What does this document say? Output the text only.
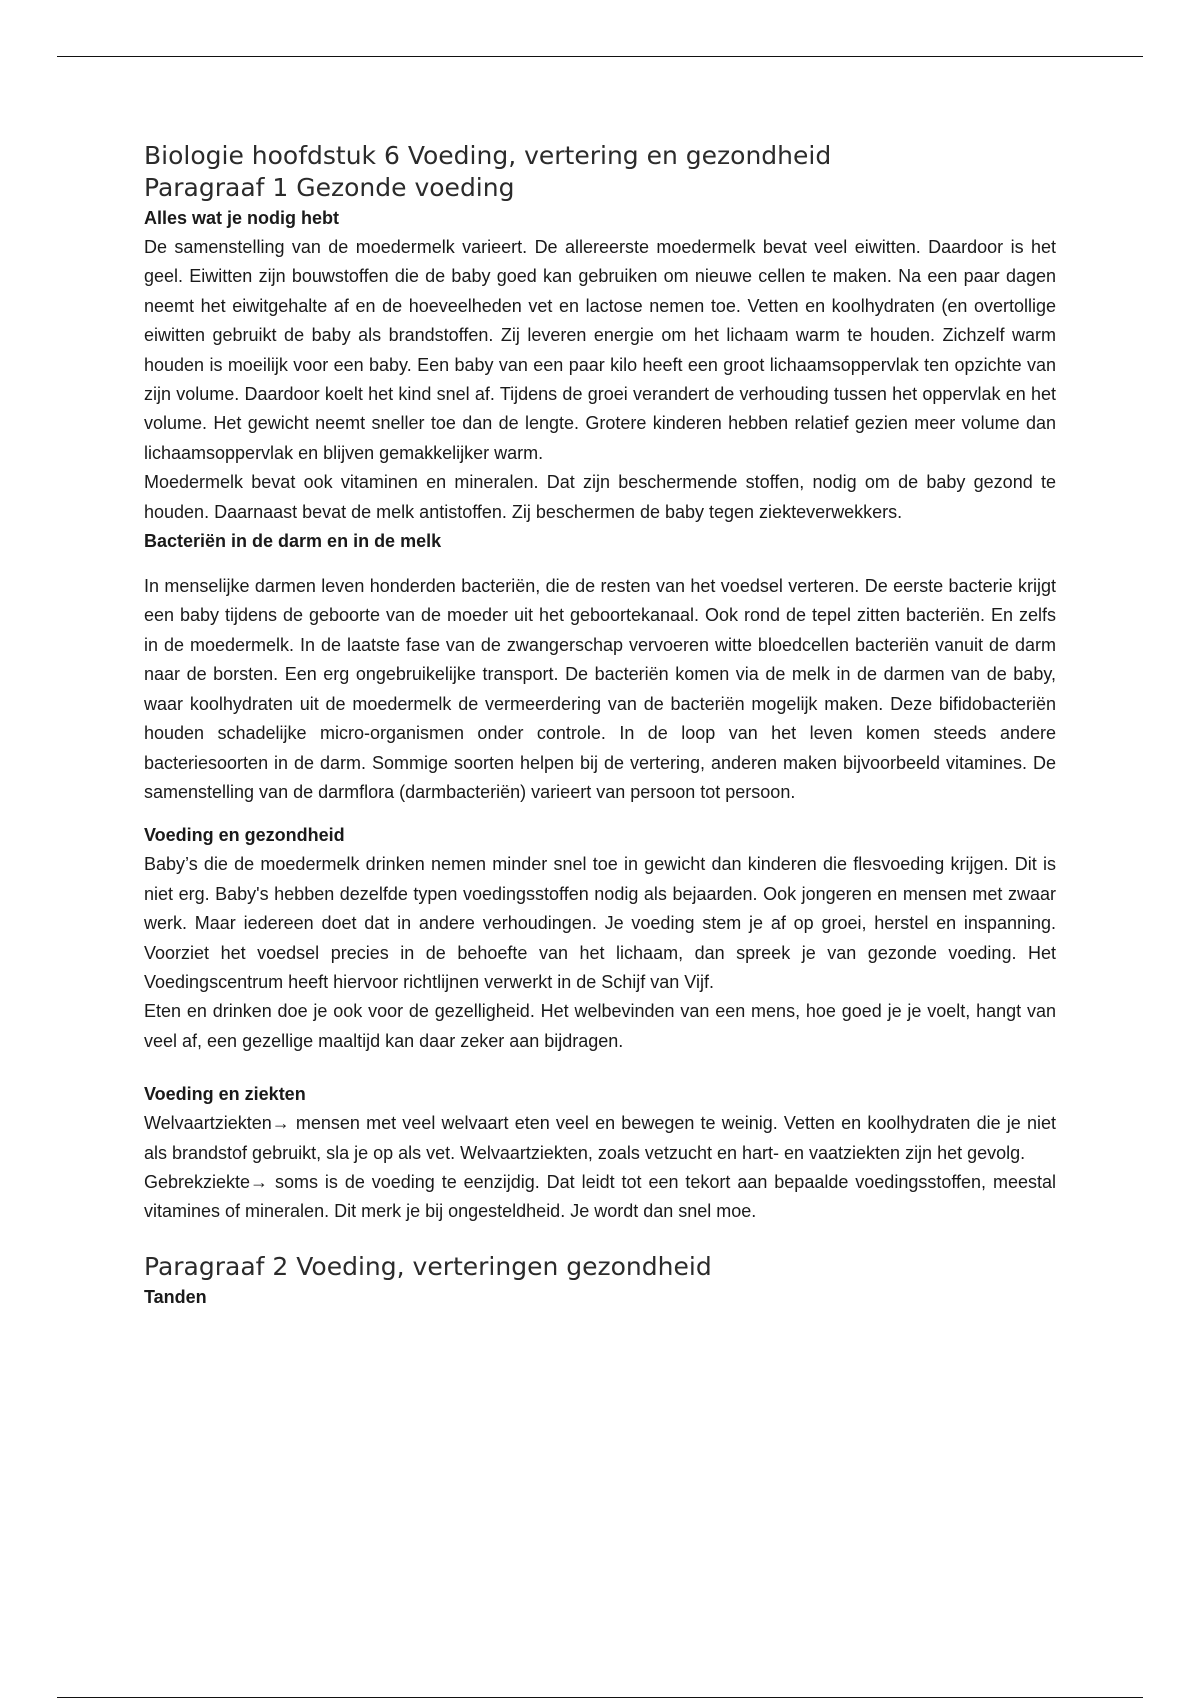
Biologie hoofdstuk 6 Voeding, vertering en gezondheid
Paragraaf 1 Gezonde voeding

Alles wat je nodig hebt

De samenstelling van de moedermelk varieert. De allereerste moedermelk bevat veel eiwitten. Daardoor is het geel. Eiwitten zijn bouwstoffen die de baby goed kan gebruiken om nieuwe cellen te maken. Na een paar dagen neemt het eiwitgehalte af en de hoeveelheden vet en lactose nemen toe. Vetten en koolhydraten (en overtollige eiwitten gebruikt de baby als brandstoffen. Zij leveren energie om het lichaam warm te houden. Zichzelf warm houden is moeilijk voor een baby. Een baby van een paar kilo heeft een groot lichaamsoppervlak ten opzichte van zijn volume. Daardoor koelt het kind snel af. Tijdens de groei verandert de verhouding tussen het oppervlak en het volume. Het gewicht neemt sneller toe dan de lengte. Grotere kinderen hebben relatief gezien meer volume dan lichaamsoppervlak en blijven gemakkelijker warm.

Moedermelk bevat ook vitaminen en mineralen. Dat zijn beschermende stoffen, nodig om de baby gezond te houden. Daarnaast bevat de melk antistoffen. Zij beschermen de baby tegen ziekteverwekkers.

Bacteriën in de darm en in de melk

In menselijke darmen leven honderden bacteriën, die de resten van het voedsel verteren. De eerste bacterie krijgt een baby tijdens de geboorte van de moeder uit het geboortekanaal. Ook rond de tepel zitten bacteriën. En zelfs in de moedermelk. In de laatste fase van de zwangerschap vervoeren witte bloedcellen bacteriën vanuit de darm naar de borsten. Een erg ongebruikelijke transport. De bacteriën komen via de melk in de darmen van de baby, waar koolhydraten uit de moedermelk de vermeerdering van de bacteriën mogelijk maken. Deze bifidobacteriën houden schadelijke micro-organismen onder controle. In de loop van het leven komen steeds andere bacteriesoorten in de darm. Sommige soorten helpen bij de vertering, anderen maken bijvoorbeeld vitamines. De samenstelling van de darmflora (darmbacteriën) varieert van persoon tot persoon.

Voeding en gezondheid

Baby’s die de moedermelk drinken nemen minder snel toe in gewicht dan kinderen die flesvoeding krijgen. Dit is niet erg. Baby's hebben dezelfde typen voedingsstoffen nodig als bejaarden. Ook jongeren en mensen met zwaar werk. Maar iedereen doet dat in andere verhoudingen. Je voeding stem je af op groei, herstel en inspanning. Voorziet het voedsel precies in de behoefte van het lichaam, dan spreek je van gezonde voeding. Het Voedingscentrum heeft hiervoor richtlijnen verwerkt in de Schijf van Vijf.

Eten en drinken doe je ook voor de gezelligheid. Het welbevinden van een mens, hoe goed je je voelt, hangt van veel af, een gezellige maaltijd kan daar zeker aan bijdragen.

Voeding en ziekten

Welvaartziekten→ mensen met veel welvaart eten veel en bewegen te weinig. Vetten en koolhydraten die je niet als brandstof gebruikt, sla je op als vet. Welvaartziekten, zoals vetzucht en hart- en vaatziekten zijn het gevolg.

Gebrekziekte→ soms is de voeding te eenzijdig. Dat leidt tot een tekort aan bepaalde voedingsstoffen, meestal vitamines of mineralen. Dit merk je bij ongesteldheid. Je wordt dan snel moe.

Paragraaf 2 Voeding, verteringen gezondheid

Tanden
